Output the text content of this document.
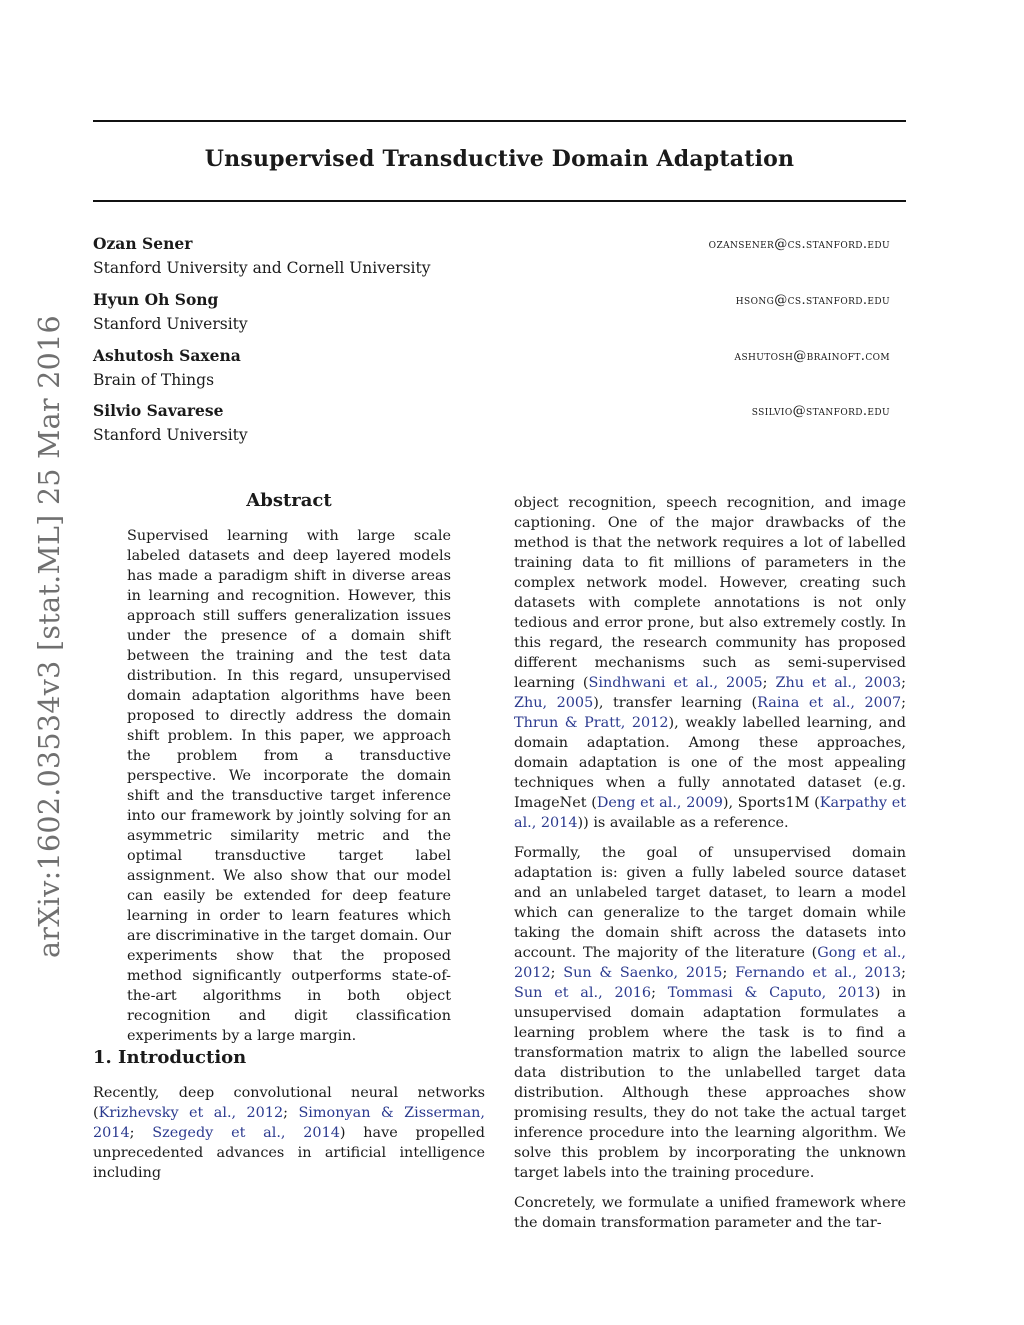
Unsupervised Transductive Domain Adaptation
arXiv:1602.03534v3 [stat.ML] 25 Mar 2016
Ozan Sener	ozansener@cs.stanford.edu
Stanford University and Cornell University
Hyun Oh Song	hsong@cs.stanford.edu
Stanford University
Ashutosh Saxena	ashutosh@brainoft.com
Brain of Things
Silvio Savarese	ssilvio@stanford.edu
Stanford University
Abstract
Supervised learning with large scale labeled datasets and deep layered models has made a paradigm shift in diverse areas in learning and recognition. However, this approach still suffers generalization issues under the presence of a domain shift between the training and the test data distribution. In this regard, unsupervised domain adaptation algorithms have been proposed to directly address the domain shift problem. In this paper, we approach the problem from a transductive perspective. We incorporate the domain shift and the transductive target inference into our framework by jointly solving for an asymmetric similarity metric and the optimal transductive target label assignment. We also show that our model can easily be extended for deep feature learning in order to learn features which are discriminative in the target domain. Our experiments show that the proposed method significantly outperforms state-of-the-art algorithms in both object recognition and digit classification experiments by a large margin.
1. Introduction
Recently, deep convolutional neural networks (Krizhevsky et al., 2012; Simonyan & Zisserman, 2014; Szegedy et al., 2014) have propelled unprecedented advances in artificial intelligence including

object recognition, speech recognition, and image captioning. One of the major drawbacks of the method is that the network requires a lot of labelled training data to fit millions of parameters in the complex network model. However, creating such datasets with complete annotations is not only tedious and error prone, but also extremely costly. In this regard, the research community has proposed different mechanisms such as semi-supervised learning (Sindhwani et al., 2005; Zhu et al., 2003; Zhu, 2005), transfer learning (Raina et al., 2007; Thrun & Pratt, 2012), weakly labelled learning, and domain adaptation. Among these approaches, domain adaptation is one of the most appealing techniques when a fully annotated dataset (e.g. ImageNet (Deng et al., 2009), Sports1M (Karpathy et al., 2014)) is available as a reference.

Formally, the goal of unsupervised domain adaptation is: given a fully labeled source dataset and an unlabeled target dataset, to learn a model which can generalize to the target domain while taking the domain shift across the datasets into account. The majority of the literature (Gong et al., 2012; Sun & Saenko, 2015; Fernando et al., 2013; Sun et al., 2016; Tommasi & Caputo, 2013) in unsupervised domain adaptation formulates a learning problem where the task is to find a transformation matrix to align the labelled source data distribution to the unlabelled target data distribution. Although these approaches show promising results, they do not take the actual target inference procedure into the learning algorithm. We solve this problem by incorporating the unknown target labels into the training procedure.

Concretely, we formulate a unified framework where the domain transformation parameter and the tar-
